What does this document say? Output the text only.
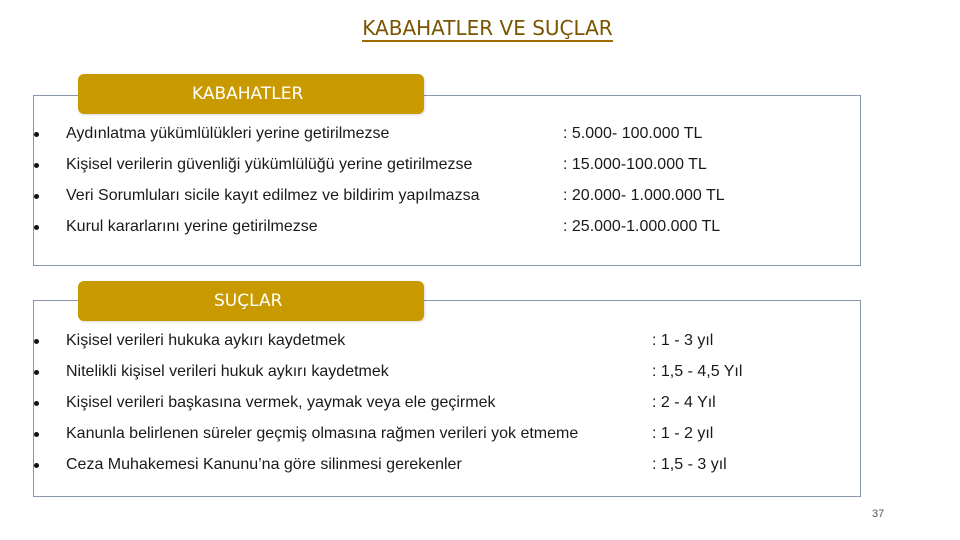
KABAHATLER VE SUÇLAR
KABAHATLER
Aydınlatma yükümlülükleri yerine getirilmezse	: 5.000- 100.000 TL
Kişisel verilerin güvenliği yükümlülüğü yerine getirilmezse	: 15.000-100.000 TL
Veri Sorumluları sicile kayıt edilmez ve bildirim yapılmazsa	: 20.000- 1.000.000 TL
Kurul kararlarını yerine getirilmezse	: 25.000-1.000.000 TL
SUÇLAR
Kişisel verileri hukuka aykırı kaydetmek	: 1 - 3 yıl
Nitelikli kişisel verileri hukuk aykırı kaydetmek	: 1,5 - 4,5 Yıl
Kişisel verileri başkasına vermek, yaymak veya ele geçirmek	: 2 - 4 Yıl
Kanunla belirlenen süreler geçmiş olmasına rağmen verileri yok etmeme	: 1 - 2 yıl
Ceza Muhakemesi Kanunu’na göre silinmesi gerekenler	: 1,5 - 3 yıl
37
